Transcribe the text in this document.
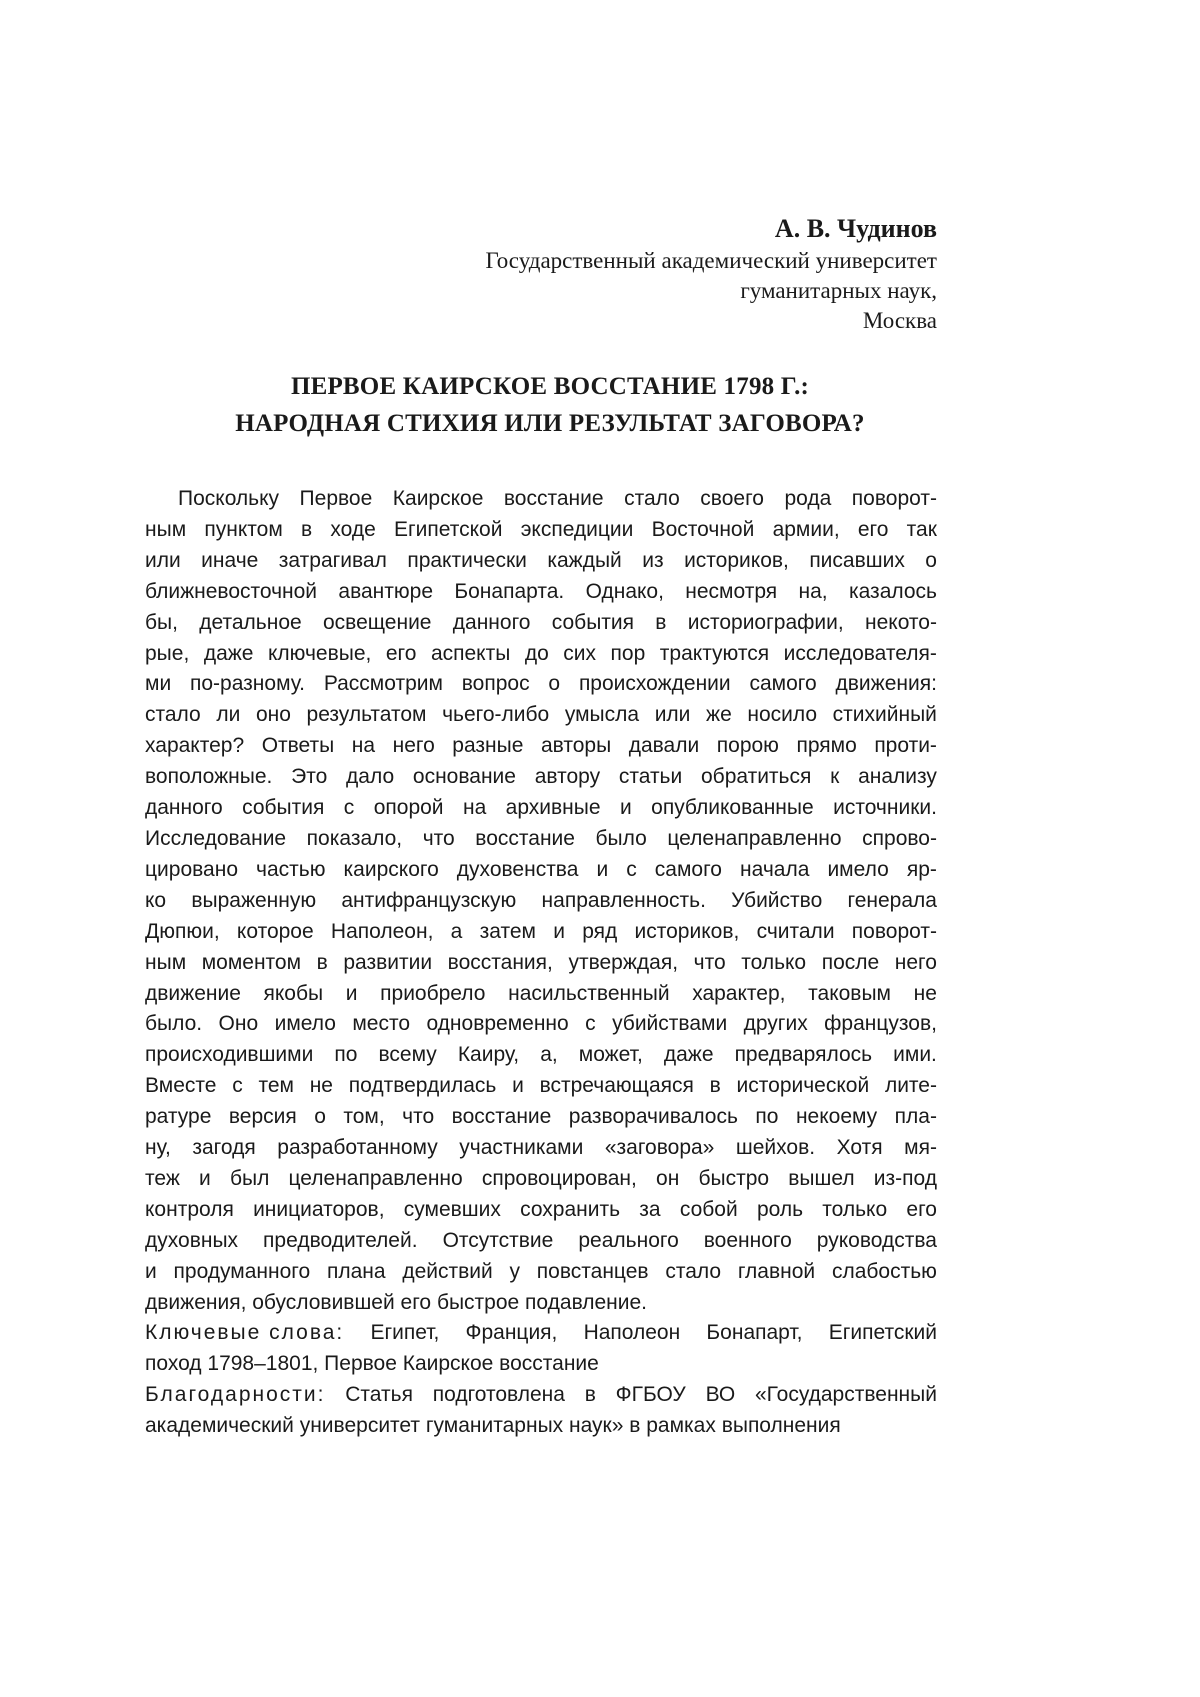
А. В. Чудинов
Государственный академический университет
гуманитарных наук,
Москва
ПЕРВОЕ КАИРСКОЕ ВОССТАНИЕ 1798 Г.:
НАРОДНАЯ СТИХИЯ ИЛИ РЕЗУЛЬТАТ ЗАГОВОРА?
Поскольку Первое Каирское восстание стало своего рода поворот-
ным пунктом в ходе Египетской экспедиции Восточной армии, его так
или иначе затрагивал практически каждый из историков, писавших о
ближневосточной авантюре Бонапарта. Однако, несмотря на, казалось
бы, детальное освещение данного события в историографии, некото-
рые, даже ключевые, его аспекты до сих пор трактуются исследователя-
ми по-разному. Рассмотрим вопрос о происхождении самого движения:
стало ли оно результатом чьего-либо умысла или же носило стихийный
характер? Ответы на него разные авторы давали порою прямо проти-
воположные. Это дало основание автору статьи обратиться к анализу
данного события с опорой на архивные и опубликованные источники.
Исследование показало, что восстание было целенаправленно спрово-
цировано частью каирского духовенства и с самого начала имело яр-
ко выраженную антифранцузскую направленность. Убийство генерала
Дюпюи, которое Наполеон, а затем и ряд историков, считали поворот-
ным моментом в развитии восстания, утверждая, что только после него
движение якобы и приобрело насильственный характер, таковым не
было. Оно имело место одновременно с убийствами других французов,
происходившими по всему Каиру, а, может, даже предварялось ими.
Вместе с тем не подтвердилась и встречающаяся в исторической лите-
ратуре версия о том, что восстание разворачивалось по некоему пла-
ну, загодя разработанному участниками «заговора» шейхов. Хотя мя-
теж и был целенаправленно спровоцирован, он быстро вышел из-под
контроля инициаторов, сумевших сохранить за собой роль только его
духовных предводителей. Отсутствие реального военного руководства
и продуманного плана действий у повстанцев стало главной слабостью
движения, обусловившей его быстрое подавление.
Ключевые слова: Египет, Франция, Наполеон Бонапарт, Египетский
поход 1798–1801, Первое Каирское восстание
Благодарности: Статья подготовлена в ФГБОУ ВО «Государственный
академический университет гуманитарных наук» в рамках выполнения
